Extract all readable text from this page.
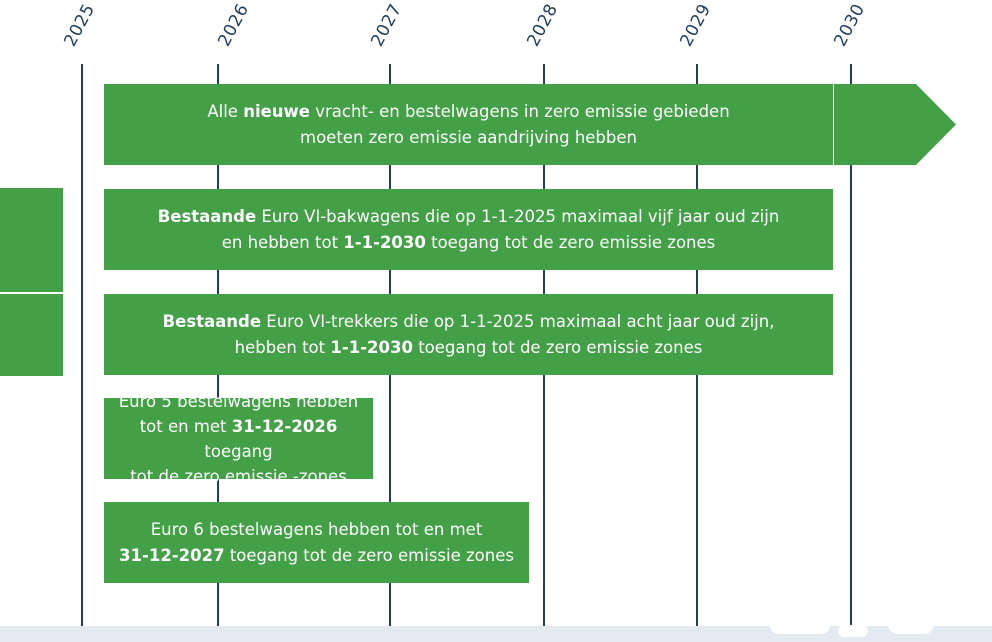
2025	2026	2027	2028	2029	2030
Alle nieuwe vracht- en bestelwagens in zero emissie gebieden
moeten zero emissie aandrijving hebben
Bestaande Euro VI-bakwagens die op 1-1-2025 maximaal vijf jaar oud zijn
en hebben tot 1-1-2030 toegang tot de zero emissie zones
Bestaande Euro VI-trekkers die op 1-1-2025 maximaal acht jaar oud zijn,
hebben tot 1-1-2030 toegang tot de zero emissie zones
Euro 5 bestelwagens hebben
tot en met 31-12-2026 toegang
tot de zero emissie -zones
Euro 6 bestelwagens hebben tot en met
31-12-2027 toegang tot de zero emissie zones
